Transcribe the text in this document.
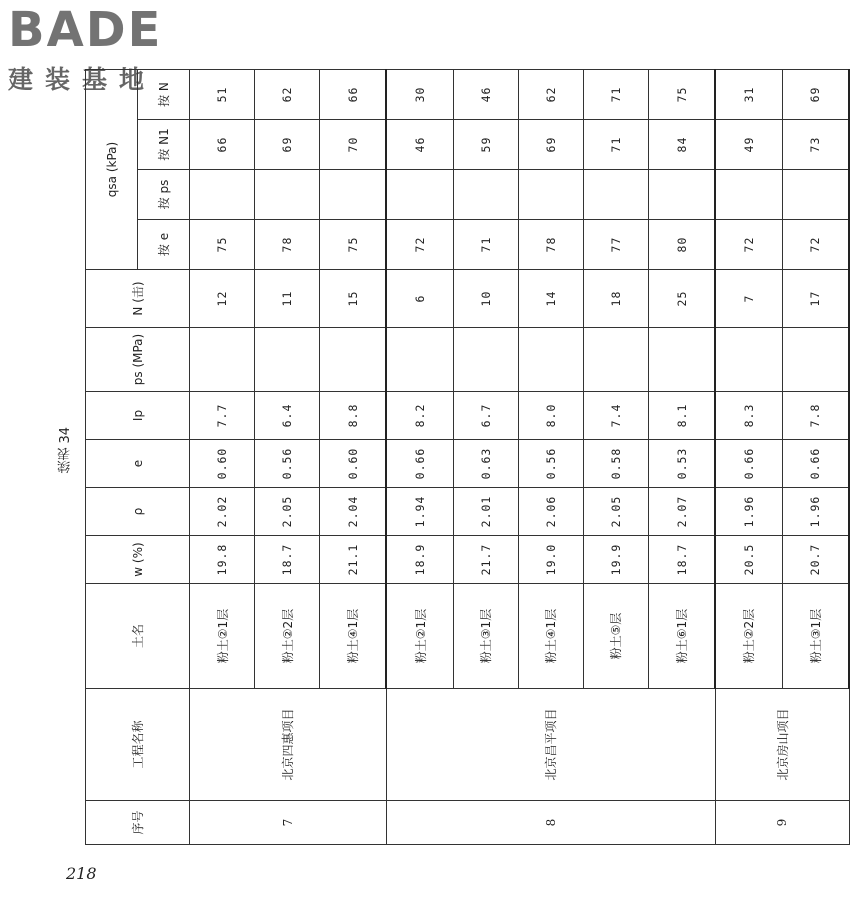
BADE
建装基地
续表 34
序号	工程名称	土名	w (%)	ρ	e	Ip	ps (MPa)	N (击)	qsa (kPa)			
									按 e	按 ps	按 N1	按 N
7	北京四惠项目	粉土②1层	19.8	2.02	0.60	7.7		12	75		66	51
		粉土②2层	18.7	2.05	0.56	6.4		11	78		69	62
		粉土④1层	21.1	2.04	0.60	8.8		15	75		70	66
8	北京昌平项目	粉土②1层	18.9	1.94	0.66	8.2		6	72		46	30
		粉土③1层	21.7	2.01	0.63	6.7		10	71		59	46
		粉土④1层	19.0	2.06	0.56	8.0		14	78		69	62
		粉土⑤层	19.9	2.05	0.58	7.4		18	77		71	71
		粉土⑥1层	18.7	2.07	0.53	8.1		25	80		84	75
9	北京房山项目	粉土②2层	20.5	1.96	0.66	8.3		7	72		49	31
		粉土③1层	20.7	1.96	0.66	7.8		17	72		73	69
218
